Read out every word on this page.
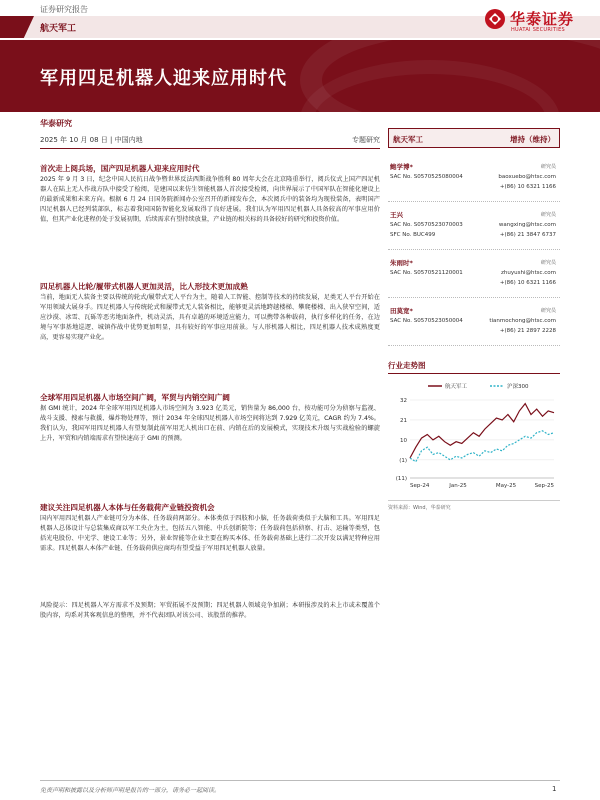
证券研究报告
航天军工
华泰证券
HUATAI SECURITIES
军用四足机器人迎来应用时代
华泰研究
2025 年 10 月 08 日 | 中国内地	专题研究
首次走上阅兵场，国产四足机器人迎来应用时代
2025 年 9 月 3 日，纪念中国人民抗日战争暨世界反法西斯战争胜利 80 周年大会在北京隆重举行，阅兵仪式上国产四足机器人在陆上无人作战方队中接受了检阅，是建国以来仿生智能机器人首次接受检阅，向世界展示了中国军队在智能化建设上的最新成果和未来方向。根据 6 月 24 日国务院新闻办公室召开的新闻发布会，本次阅兵中的装备均为现役装备，表明国产四足机器人已经列装部队，标志着我国国防智能化发展取得了良好进展。我们认为军用四足机器人具备较高的军事应用价值，但其产业化进程仍处于发展初期，后续需求有望持续放量，产业链的相关标的具备较好的研究和投资价值。
四足机器人比轮/履带式机器人更加灵活，比人形技术更加成熟
当前，地面无人装备主要以传统的轮式/履带式无人平台为主，随着人工智能、控制等技术的持续发展，足类无人平台开始在军用领域大展身手。四足机器人与传统轮式和履带式无人装备相比，能够更灵活地跨越楼梯、攀爬楼梯、出入狭窄空间，适应沙漠、冰雪、瓦砾等恶劣地面条件，机动灵活，具有卓越的环境适应能力，可以携带各种载荷，执行多样化的任务，在边境与军事基地巡逻、城镇作战中优势更加明显，具有较好的军事应用前景。与人形机器人相比，四足机器人技术成熟度更高，更容易实现产业化。
全球军用四足机器人市场空间广阔，军贸与内销空间广阔
据 GMI 统计，2024 年全球军用四足机器人市场空间为 3.923 亿美元，销售量为 86,000 台，按功能可分为侦察与监视、战斗支援、搜索与救援、爆炸物处理等，预计 2034 年全球四足机器人市场空间将达到 7.929 亿美元，CAGR 约为 7.4%。我们认为，我国军用四足机器人有望复制此前军用无人机出口在前、内销在后的发展模式，实现技术升级与实战检验的螺旋上升，军贸和内销端需求有望快速高于 GMI 的预测。
建议关注四足机器人本体与任务载荷产业链投资机会
国内军用四足机器人产业链可分为本体、任务载荷两部分。本体类似于四肢和小脑，任务载荷类似于大脑和工具。军用四足机器人总体设计与总装集成商以军工央企为主，包括五八智能、中兵创新院等；任务载荷包括侦察、打击、运输等类型，包括光电股份、中光学、建设工业等；另外，景业智能等企业主要在购买本体、任务载荷基础上进行二次开发以满足特种应用需求。四足机器人本体产业链、任务载荷供应商均有望受益于军用四足机器人放量。
风险提示：四足机器人军方需求不及预期；军贸拓展不及预期；四足机器人领域竞争加剧；本研报涉及的未上市或未覆盖个股内容，均系对其客观信息的整理，并不代表团队对该公司、该股票的推荐。
航天军工	增持（维持）
鲍学博*	研究员
SAC No. S0570525080004	baoxuebo@htsc.com
+(86) 10 6321 1166
王兴	研究员
SAC No. S0570523070003
SFC No. BUC499
wangxing@htsc.com
+(86) 21 3847 6737
朱雨时*	研究员
SAC No. S0570521120001	zhuyushi@htsc.com
+(86) 10 6321 1166
田莫宽*	研究员
SAC No. S0570523050004	tianmochong@htsc.com
+(86) 21 2897 2228
行业走势图
航天军工	沪深300
32
21
10
(1)
(11)
Sep-24	Jan-25	May-25	Sep-25
资料来源：Wind，华泰研究
免责声明和披露以及分析师声明是报告的一部分，请务必一起阅读。	1
